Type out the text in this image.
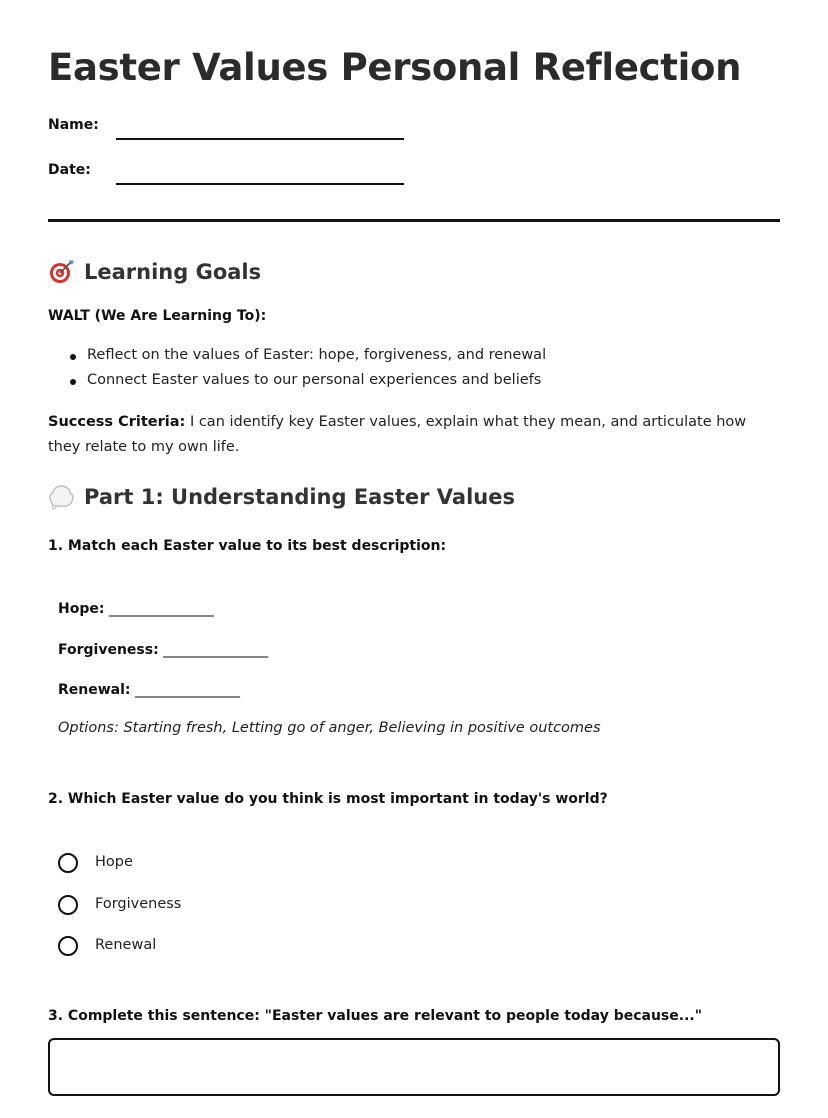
Easter Values Personal Reflection
Name:
Date:
Learning Goals
WALT (We Are Learning To):
Reflect on the values of Easter: hope, forgiveness, and renewal
Connect Easter values to our personal experiences and beliefs
Success Criteria: I can identify key Easter values, explain what they mean, and articulate how they relate to my own life.
Part 1: Understanding Easter Values
1. Match each Easter value to its best description:
Hope: _______________
Forgiveness: _______________
Renewal: _______________
Options: Starting fresh, Letting go of anger, Believing in positive outcomes
2. Which Easter value do you think is most important in today's world?
Hope
Forgiveness
Renewal
3. Complete this sentence: "Easter values are relevant to people today because..."
